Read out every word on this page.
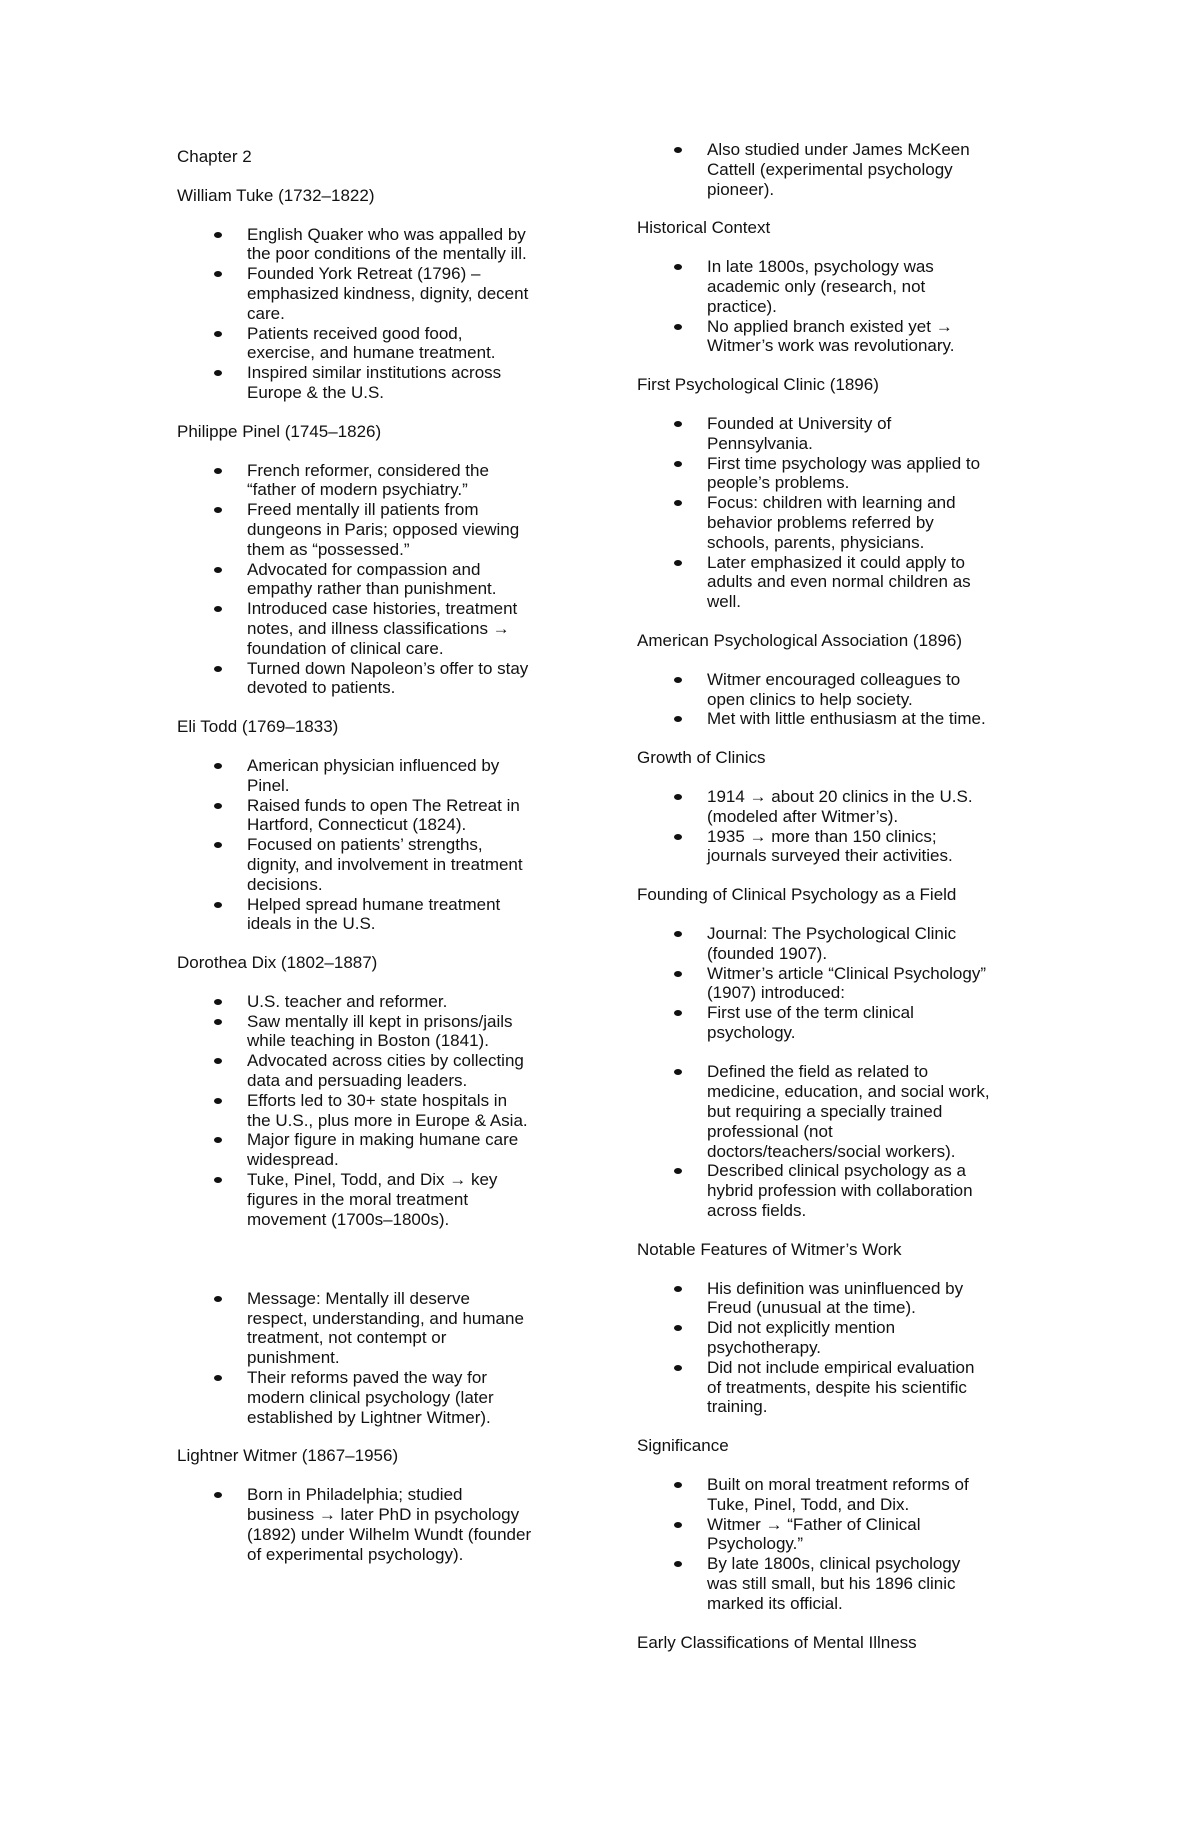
Chapter 2
William Tuke (1732–1822)
English Quaker who was appalled by the poor conditions of the mentally ill.
Founded York Retreat (1796) – emphasized kindness, dignity, decent care.
Patients received good food, exercise, and humane treatment.
Inspired similar institutions across Europe & the U.S.
Philippe Pinel (1745–1826)
French reformer, considered the “father of modern psychiatry.”
Freed mentally ill patients from dungeons in Paris; opposed viewing them as “possessed.”
Advocated for compassion and empathy rather than punishment.
Introduced case histories, treatment notes, and illness classifications → foundation of clinical care.
Turned down Napoleon’s offer to stay devoted to patients.
Eli Todd (1769–1833)
American physician influenced by Pinel.
Raised funds to open The Retreat in Hartford, Connecticut (1824).
Focused on patients’ strengths, dignity, and involvement in treatment decisions.
Helped spread humane treatment ideals in the U.S.
Dorothea Dix (1802–1887)
U.S. teacher and reformer.
Saw mentally ill kept in prisons/jails while teaching in Boston (1841).
Advocated across cities by collecting data and persuading leaders.
Efforts led to 30+ state hospitals in the U.S., plus more in Europe & Asia.
Major figure in making humane care widespread.
Tuke, Pinel, Todd, and Dix → key figures in the moral treatment movement (1700s–1800s).
Message: Mentally ill deserve respect, understanding, and humane treatment, not contempt or punishment.
Their reforms paved the way for modern clinical psychology (later established by Lightner Witmer).
Lightner Witmer (1867–1956)
Born in Philadelphia; studied business → later PhD in psychology (1892) under Wilhelm Wundt (founder of experimental psychology).
Also studied under James McKeen Cattell (experimental psychology pioneer).
Historical Context
In late 1800s, psychology was academic only (research, not practice).
No applied branch existed yet → Witmer’s work was revolutionary.
First Psychological Clinic (1896)
Founded at University of Pennsylvania.
First time psychology was applied to people’s problems.
Focus: children with learning and behavior problems referred by schools, parents, physicians.
Later emphasized it could apply to adults and even normal children as well.
American Psychological Association (1896)
Witmer encouraged colleagues to open clinics to help society.
Met with little enthusiasm at the time.
Growth of Clinics
1914 → about 20 clinics in the U.S. (modeled after Witmer’s).
1935 → more than 150 clinics; journals surveyed their activities.
Founding of Clinical Psychology as a Field
Journal: The Psychological Clinic (founded 1907).
Witmer’s article “Clinical Psychology” (1907) introduced:
First use of the term clinical psychology.
Defined the field as related to medicine, education, and social work, but requiring a specially trained professional (not doctors/teachers/social workers).
Described clinical psychology as a hybrid profession with collaboration across fields.
Notable Features of Witmer’s Work
His definition was uninfluenced by Freud (unusual at the time).
Did not explicitly mention psychotherapy.
Did not include empirical evaluation of treatments, despite his scientific training.
Significance
Built on moral treatment reforms of Tuke, Pinel, Todd, and Dix.
Witmer → “Father of Clinical Psychology.”
By late 1800s, clinical psychology was still small, but his 1896 clinic marked its official.
Early Classifications of Mental Illness
